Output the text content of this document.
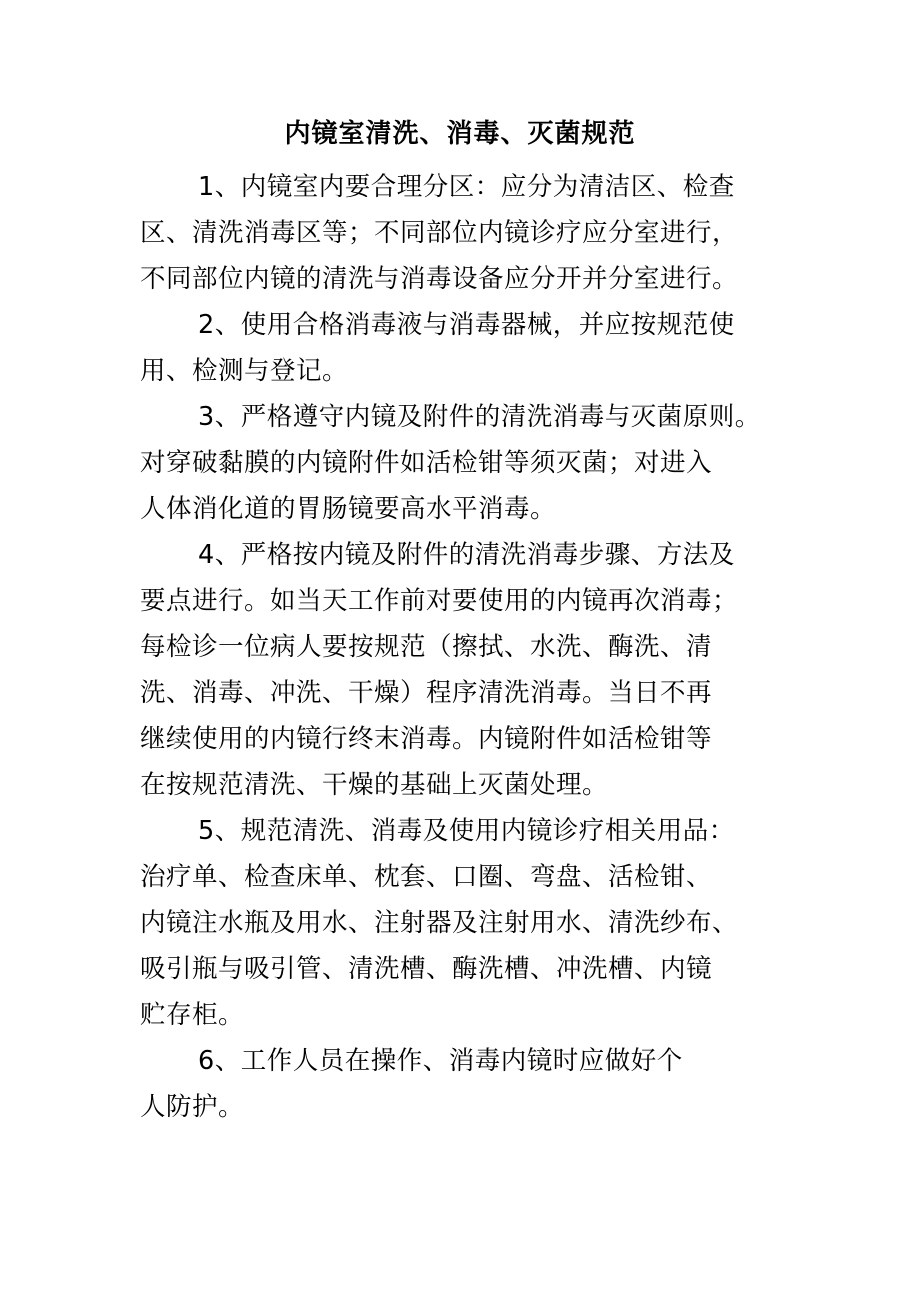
内镜室清洗、消毒、灭菌规范
1、内镜室内要合理分区：应分为清洁区、检查
区、清洗消毒区等；不同部位内镜诊疗应分室进行，
不同部位内镜的清洗与消毒设备应分开并分室进行。
2、使用合格消毒液与消毒器械，并应按规范使
用、检测与登记。
3、严格遵守内镜及附件的清洗消毒与灭菌原则。
对穿破黏膜的内镜附件如活检钳等须灭菌；对进入
人体消化道的胃肠镜要高水平消毒。
4、严格按内镜及附件的清洗消毒步骤、方法及
要点进行。如当天工作前对要使用的内镜再次消毒；
每检诊一位病人要按规范（擦拭、水洗、酶洗、清
洗、消毒、冲洗、干燥）程序清洗消毒。当日不再
继续使用的内镜行终末消毒。内镜附件如活检钳等
在按规范清洗、干燥的基础上灭菌处理。
5、规范清洗、消毒及使用内镜诊疗相关用品：
治疗单、检查床单、枕套、口圈、弯盘、活检钳、
内镜注水瓶及用水、注射器及注射用水、清洗纱布、
吸引瓶与吸引管、清洗槽、酶洗槽、冲洗槽、内镜
贮存柜。
6、工作人员在操作、消毒内镜时应做好个
人防护。
